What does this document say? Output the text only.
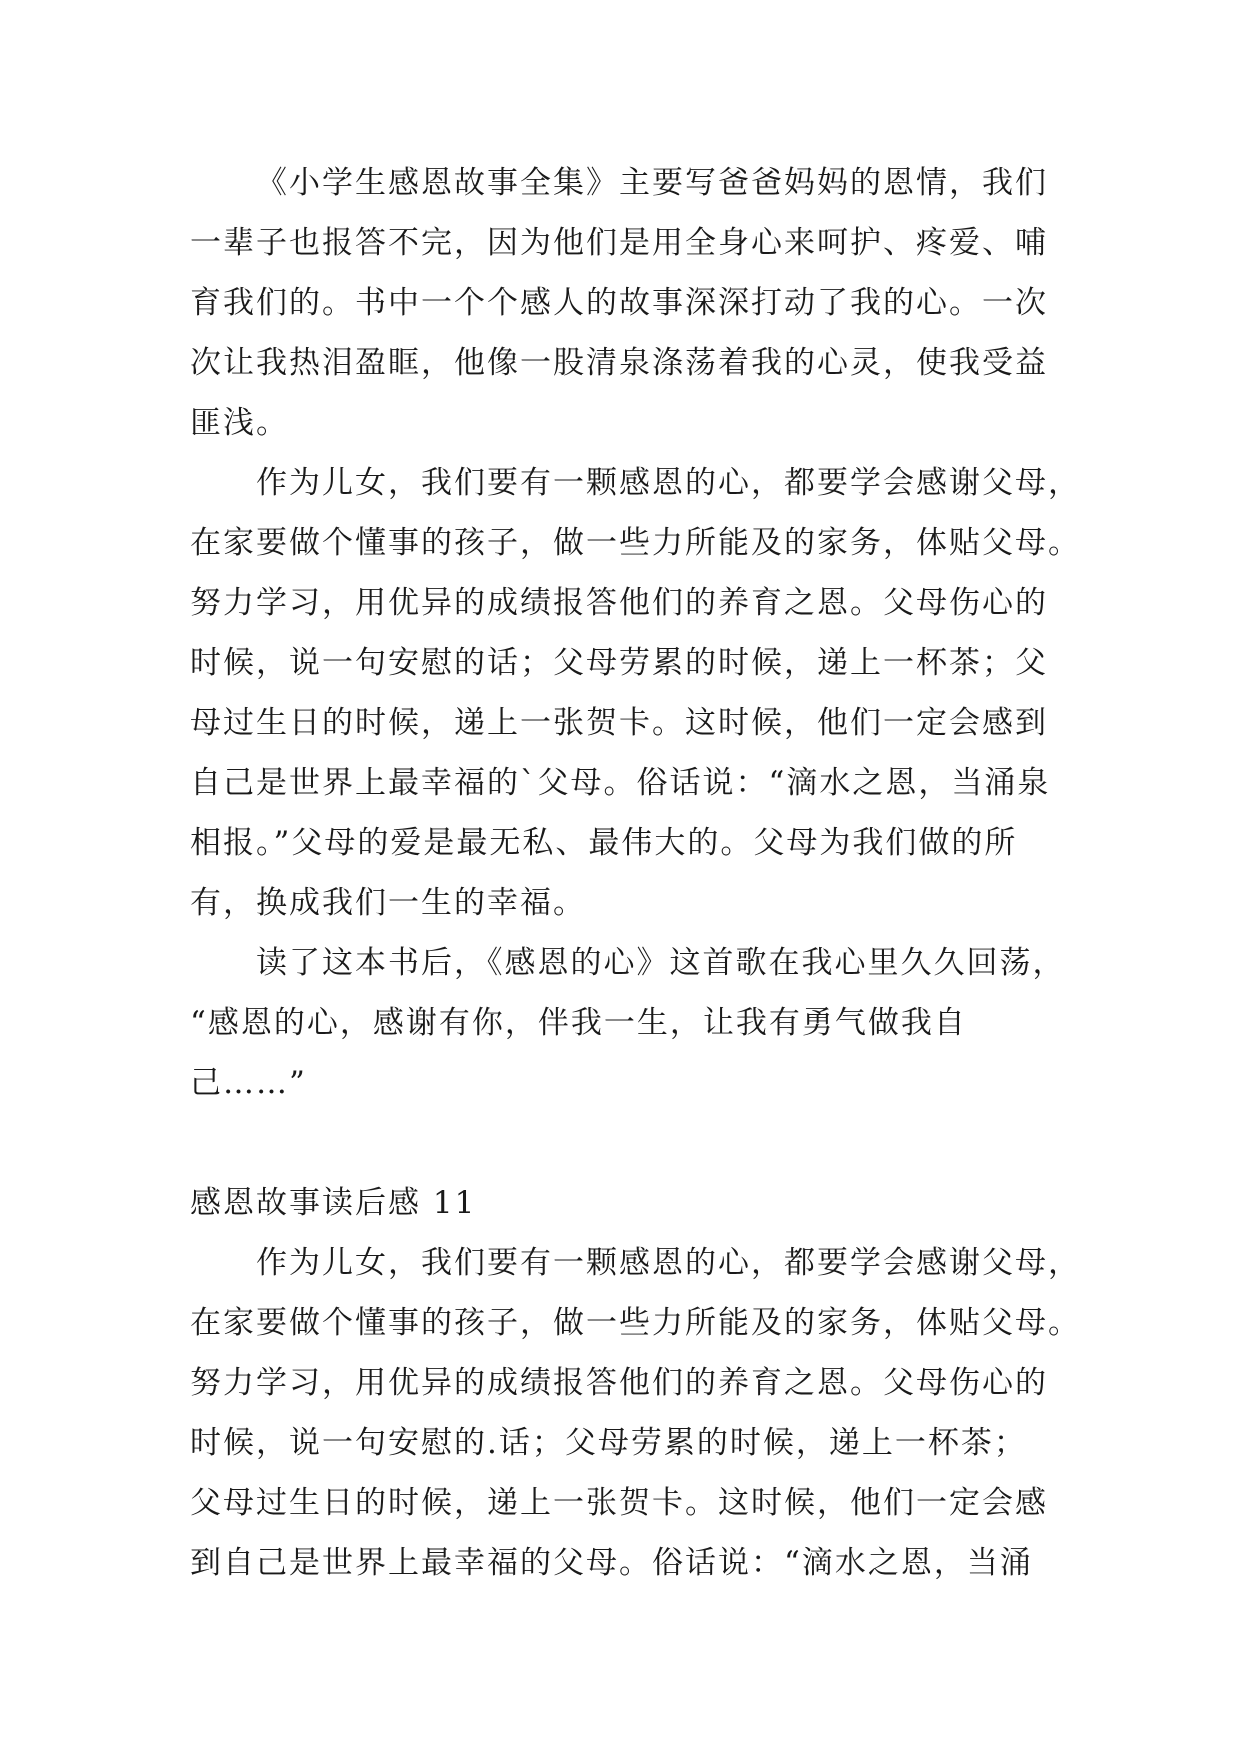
《小学生感恩故事全集》主要写爸爸妈妈的恩情，我们
一辈子也报答不完，因为他们是用全身心来呵护、疼爱、哺
育我们的。书中一个个感人的故事深深打动了我的心。一次
次让我热泪盈眶，他像一股清泉涤荡着我的心灵，使我受益
匪浅。
作为儿女，我们要有一颗感恩的心，都要学会感谢父母，
在家要做个懂事的孩子，做一些力所能及的家务，体贴父母。
努力学习，用优异的成绩报答他们的养育之恩。父母伤心的
时候，说一句安慰的话；父母劳累的时候，递上一杯茶；父
母过生日的时候，递上一张贺卡。这时候，他们一定会感到
自己是世界上最幸福的`父母。俗话说：“滴水之恩，当涌泉
相报。”父母的爱是最无私、最伟大的。父母为我们做的所
有，换成我们一生的幸福。
读了这本书后，《感恩的心》这首歌在我心里久久回荡，
“感恩的心，感谢有你，伴我一生，让我有勇气做我自
己……”
感恩故事读后感 11
作为儿女，我们要有一颗感恩的心，都要学会感谢父母，
在家要做个懂事的孩子，做一些力所能及的家务，体贴父母。
努力学习，用优异的成绩报答他们的养育之恩。父母伤心的
时候，说一句安慰的.话；父母劳累的时候，递上一杯茶；
父母过生日的时候，递上一张贺卡。这时候，他们一定会感
到自己是世界上最幸福的父母。俗话说：“滴水之恩，当涌
